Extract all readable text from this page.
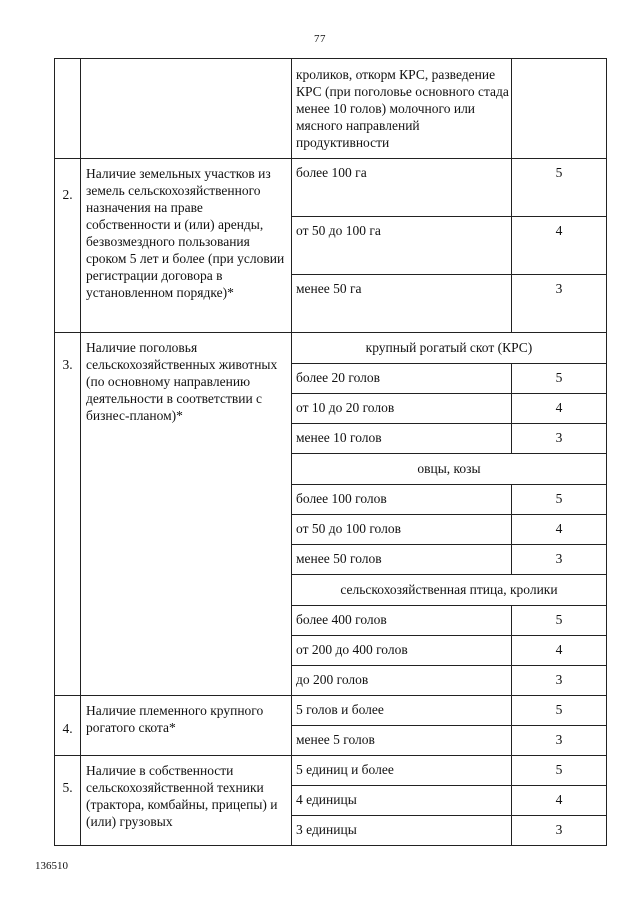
77
		кроликов, откорм КРС, разведение КРС (при поголовье основного стада менее 10 голов) молочного или мясного направлений продуктивности	

2.	Наличие земельных участков из земель сельскохозяйственного назначения на праве собственности и (или) аренды, безвозмездного пользования сроком 5 лет и более (при условии регистрации договора в установленном порядке)*	более 100 га	5
		от 50 до 100 га	4
		менее 50 га	3

3.	Наличие поголовья сельскохозяйственных животных (по основному направлению деятельности в соответствии с бизнес-планом)*	крупный рогатый скот (КРС)	
		более 20 голов	5
		от 10 до 20 голов	4
		менее 10 голов	3
		овцы, козы	
		более 100 голов	5
		от 50 до 100 голов	4
		менее 50 голов	3
		сельскохозяйственная птица, кролики	
		более 400 голов	5
		от 200 до 400 голов	4
		до 200 голов	3

4.	Наличие племенного крупного рогатого скота*	5 голов и более	5
		менее 5 голов	3

5.	Наличие в собственности сельскохозяйственной техники (трактора, комбайны, прицепы) и (или) грузовых	5 единиц и более	5
		4 единицы	4
		3 единицы	3
136510
